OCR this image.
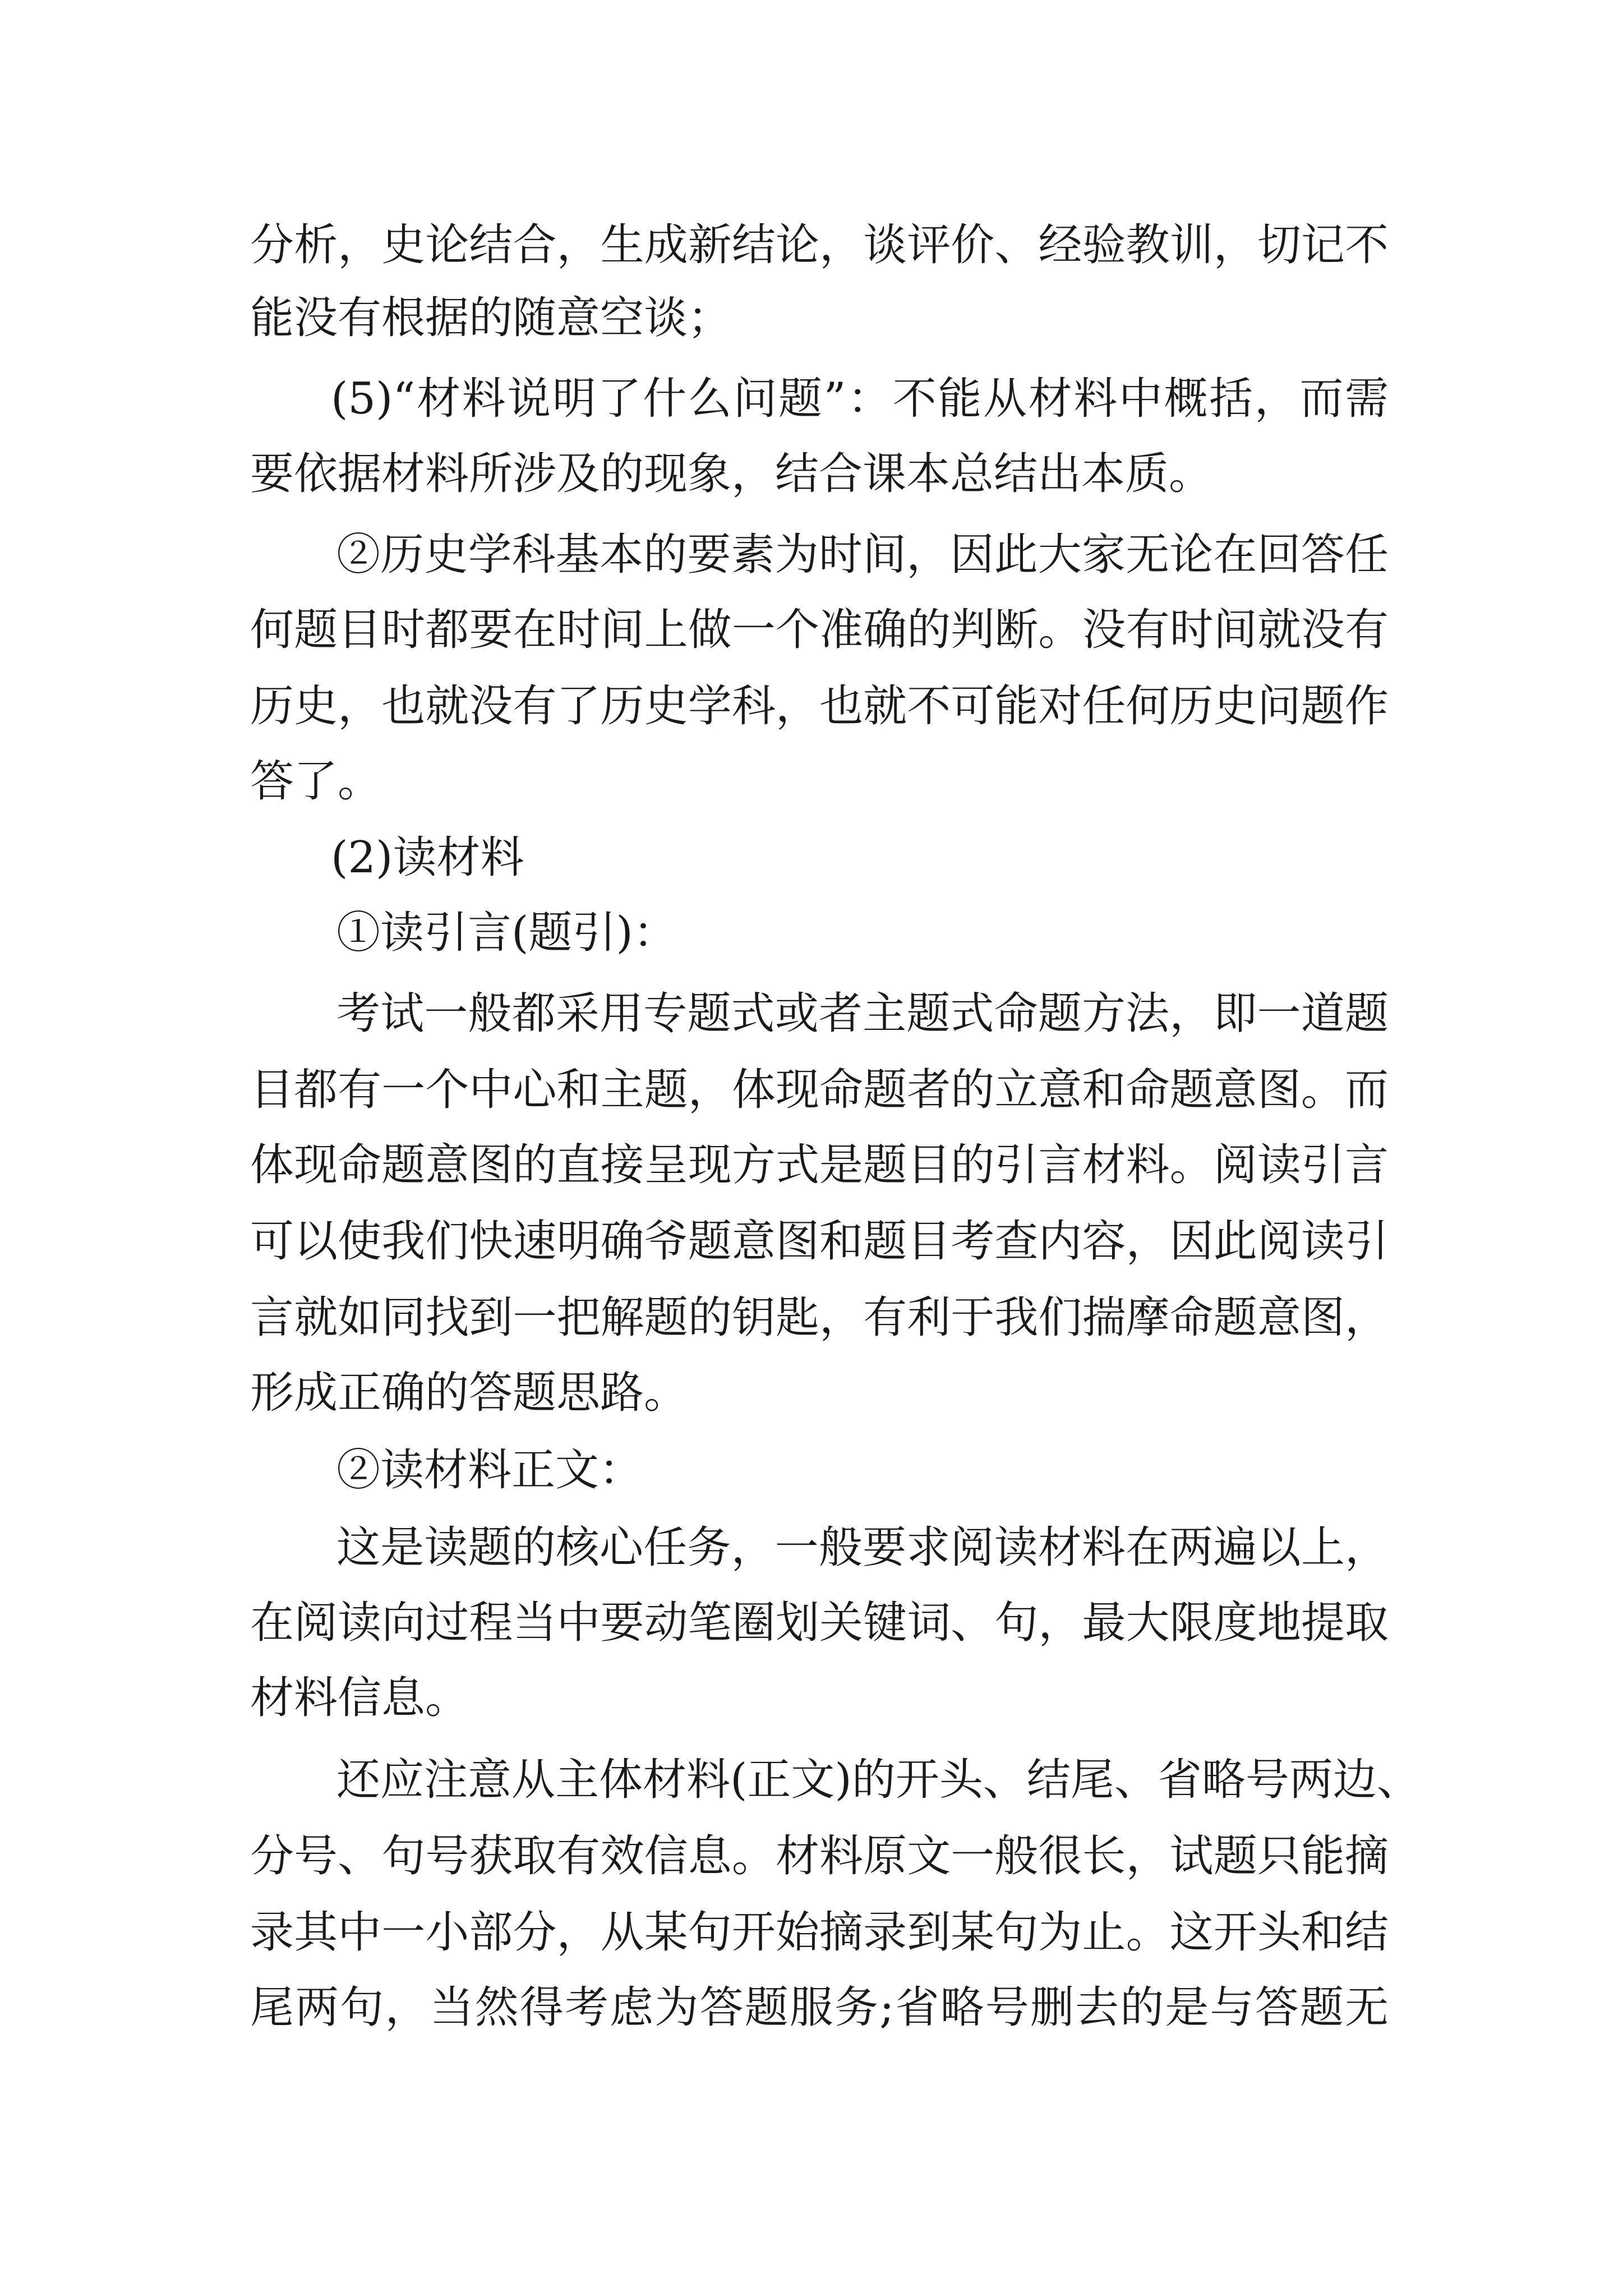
分析，史论结合，生成新结论，谈评价、经验教训，切记不
能没有根据的随意空谈；
(5)“材料说明了什么问题”：不能从材料中概括，而需
要依据材料所涉及的现象，结合课本总结出本质。
②历史学科基本的要素为时间，因此大家无论在回答任
何题目时都要在时间上做一个准确的判断。没有时间就没有
历史，也就没有了历史学科，也就不可能对任何历史问题作
答了。
(2)读材料
①读引言(题引)：
考试一般都采用专题式或者主题式命题方法，即一道题
目都有一个中心和主题，体现命题者的立意和命题意图。而
体现命题意图的直接呈现方式是题目的引言材料。阅读引言
可以使我们快速明确爷题意图和题目考查内容，因此阅读引
言就如同找到一把解题的钥匙，有利于我们揣摩命题意图，
形成正确的答题思路。
②读材料正文：
这是读题的核心任务，一般要求阅读材料在两遍以上，
在阅读向过程当中要动笔圈划关键词、句，最大限度地提取
材料信息。
还应注意从主体材料(正文)的开头、结尾、省略号两边、
分号、句号获取有效信息。材料原文一般很长，试题只能摘
录其中一小部分，从某句开始摘录到某句为止。这开头和结
尾两句，当然得考虑为答题服务;省略号删去的是与答题无
